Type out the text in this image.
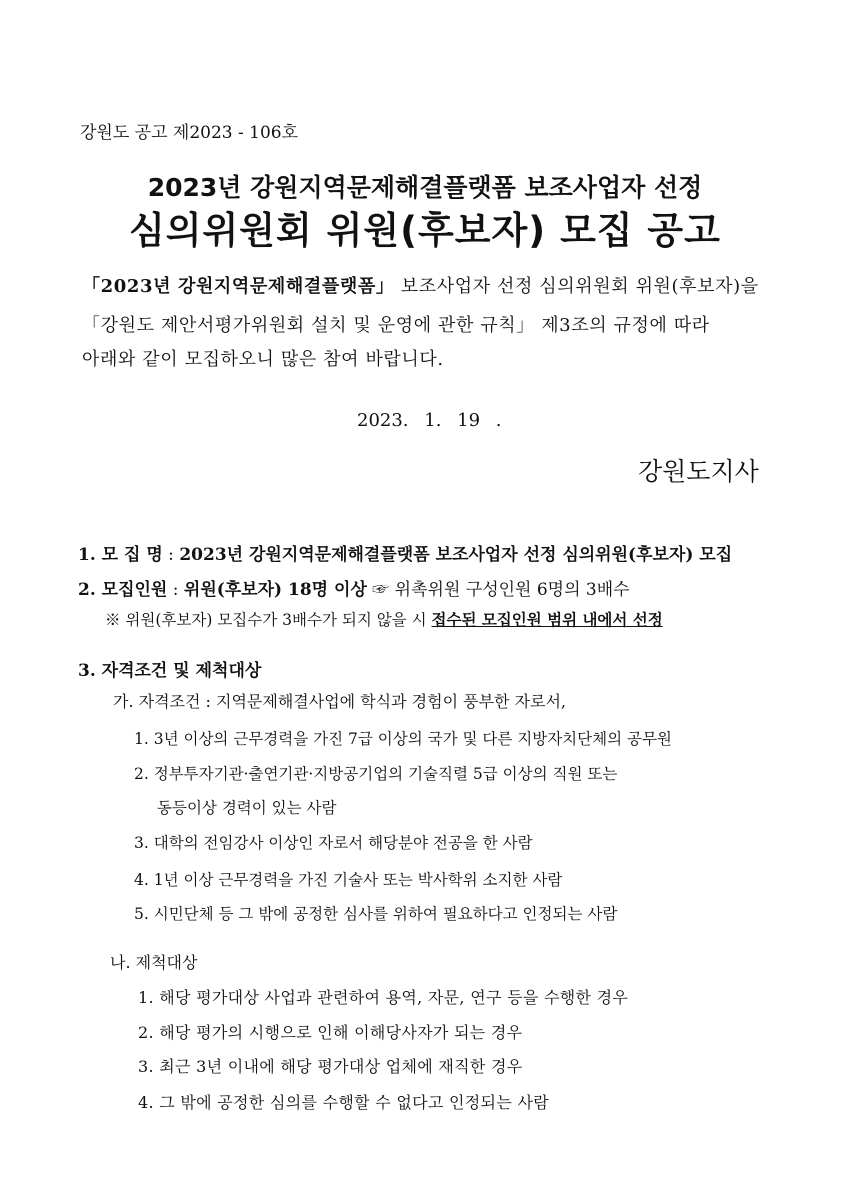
강원도 공고 제2023 - 106호
2023년 강원지역문제해결플랫폼 보조사업자 선정
심의위원회 위원(후보자) 모집 공고
「2023년 강원지역문제해결플랫폼」 보조사업자 선정 심의위원회 위원(후보자)을
「강원도 제안서평가위원회 설치 및 운영에 관한 규칙」 제3조의 규정에 따라
아래와 같이 모집하오니 많은 참여 바랍니다.
2023. 1. 19 .
강원도지사
1. 모 집 명 : 2023년 강원지역문제해결플랫폼 보조사업자 선정 심의위원(후보자) 모집
2. 모집인원 : 위원(후보자) 18명 이상 ☞ 위촉위원 구성인원 6명의 3배수
※ 위원(후보자) 모집수가 3배수가 되지 않을 시 접수된 모집인원 범위 내에서 선정
3. 자격조건 및 제척대상
가. 자격조건 : 지역문제해결사업에 학식과 경험이 풍부한 자로서,
1. 3년 이상의 근무경력을 가진 7급 이상의 국가 및 다른 지방자치단체의 공무원
2. 정부투자기관·출연기관·지방공기업의 기술직렬 5급 이상의 직원 또는
동등이상 경력이 있는 사람
3. 대학의 전임강사 이상인 자로서 해당분야 전공을 한 사람
4. 1년 이상 근무경력을 가진 기술사 또는 박사학위 소지한 사람
5. 시민단체 등 그 밖에 공정한 심사를 위하여 필요하다고 인정되는 사람
나. 제척대상
1. 해당 평가대상 사업과 관련하여 용역, 자문, 연구 등을 수행한 경우
2. 해당 평가의 시행으로 인해 이해당사자가 되는 경우
3. 최근 3년 이내에 해당 평가대상 업체에 재직한 경우
4. 그 밖에 공정한 심의를 수행할 수 없다고 인정되는 사람
